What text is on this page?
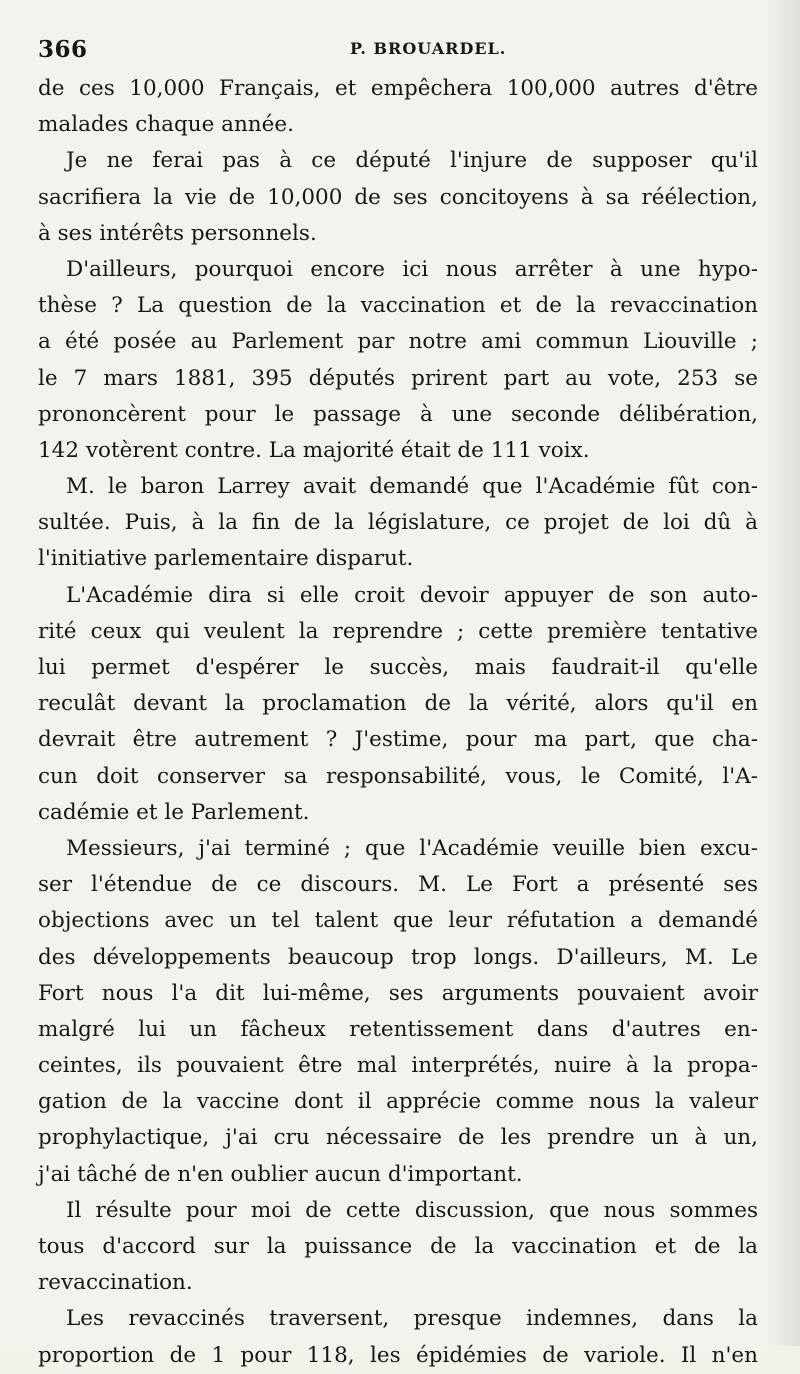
366	P. BROUARDEL.
de ces 10,000 Français, et empêchera 100,000 autres d'être
malades chaque année.
Je ne ferai pas à ce député l'injure de supposer qu'il
sacrifiera la vie de 10,000 de ses concitoyens à sa réélection,
à ses intérêts personnels.
D'ailleurs, pourquoi encore ici nous arrêter à une hypo-
thèse ? La question de la vaccination et de la revaccination
a été posée au Parlement par notre ami commun Liouville ;
le 7 mars 1881, 395 députés prirent part au vote, 253 se
prononcèrent pour le passage à une seconde délibération,
142 votèrent contre. La majorité était de 111 voix.
M. le baron Larrey avait demandé que l'Académie fût con-
sultée. Puis, à la fin de la législature, ce projet de loi dû à
l'initiative parlementaire disparut.
L'Académie dira si elle croit devoir appuyer de son auto-
rité ceux qui veulent la reprendre ; cette première tentative
lui permet d'espérer le succès, mais faudrait-il qu'elle
reculât devant la proclamation de la vérité, alors qu'il en
devrait être autrement ? J'estime, pour ma part, que cha-
cun doit conserver sa responsabilité, vous, le Comité, l'A-
cadémie et le Parlement.
Messieurs, j'ai terminé ; que l'Académie veuille bien excu-
ser l'étendue de ce discours. M. Le Fort a présenté ses
objections avec un tel talent que leur réfutation a demandé
des développements beaucoup trop longs. D'ailleurs, M. Le
Fort nous l'a dit lui-même, ses arguments pouvaient avoir
malgré lui un fâcheux retentissement dans d'autres en-
ceintes, ils pouvaient être mal interprétés, nuire à la propa-
gation de la vaccine dont il apprécie comme nous la valeur
prophylactique, j'ai cru nécessaire de les prendre un à un,
j'ai tâché de n'en oublier aucun d'important.
Il résulte pour moi de cette discussion, que nous sommes
tous d'accord sur la puissance de la vaccination et de la
revaccination.
Les revaccinés traversent, presque indemnes, dans la
proportion de 1 pour 118, les épidémies de variole. Il n'en
